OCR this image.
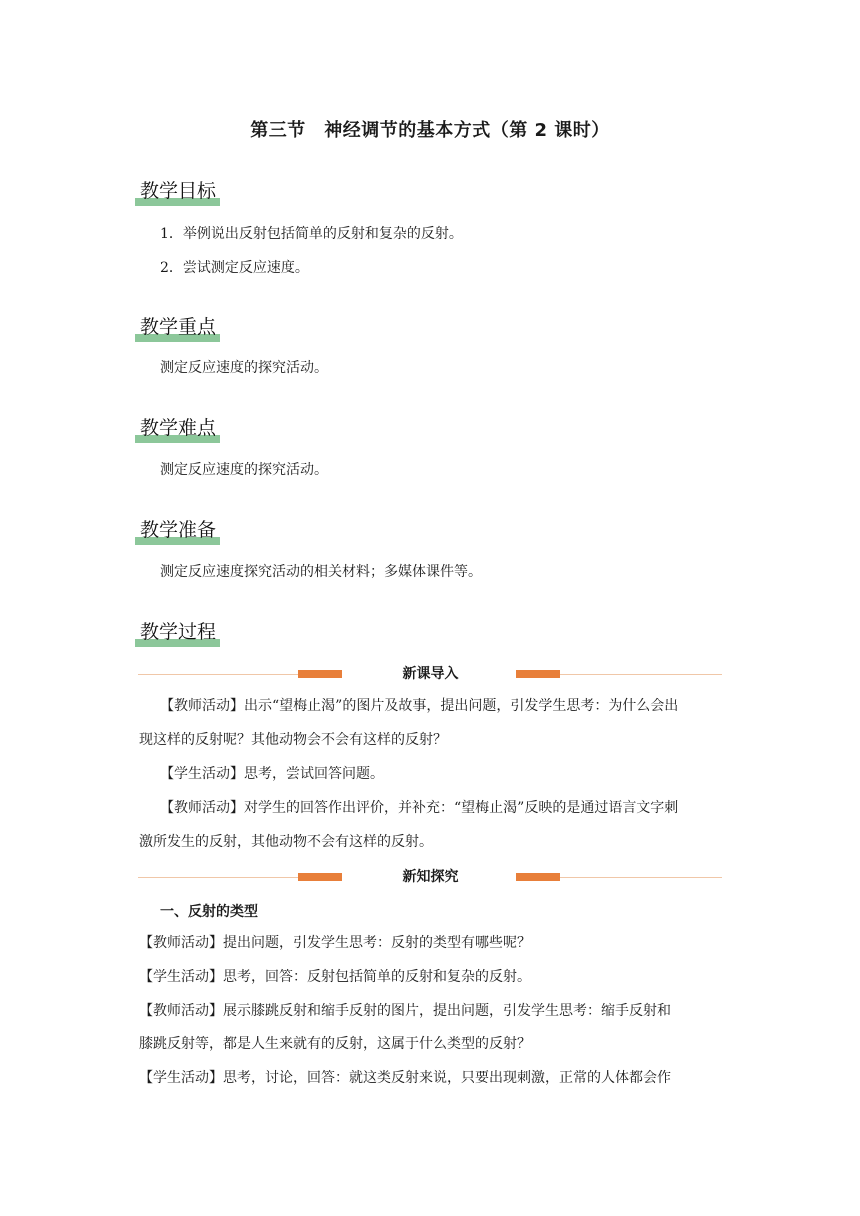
第三节　神经调节的基本方式（第 2 课时）
教学目标
1．举例说出反射包括简单的反射和复杂的反射。
2．尝试测定反应速度。
教学重点
测定反应速度的探究活动。
教学难点
测定反应速度的探究活动。
教学准备
测定反应速度探究活动的相关材料；多媒体课件等。
教学过程
新课导入
【教师活动】出示“望梅止渴”的图片及故事，提出问题，引发学生思考：为什么会出
现这样的反射呢？其他动物会不会有这样的反射？
【学生活动】思考，尝试回答问题。
【教师活动】对学生的回答作出评价，并补充：“望梅止渴”反映的是通过语言文字刺
激所发生的反射，其他动物不会有这样的反射。
新知探究
一、反射的类型
【教师活动】提出问题，引发学生思考：反射的类型有哪些呢？
【学生活动】思考，回答：反射包括简单的反射和复杂的反射。
【教师活动】展示膝跳反射和缩手反射的图片，提出问题，引发学生思考：缩手反射和
膝跳反射等，都是人生来就有的反射，这属于什么类型的反射？
【学生活动】思考，讨论，回答：就这类反射来说，只要出现刺激，正常的人体都会作
